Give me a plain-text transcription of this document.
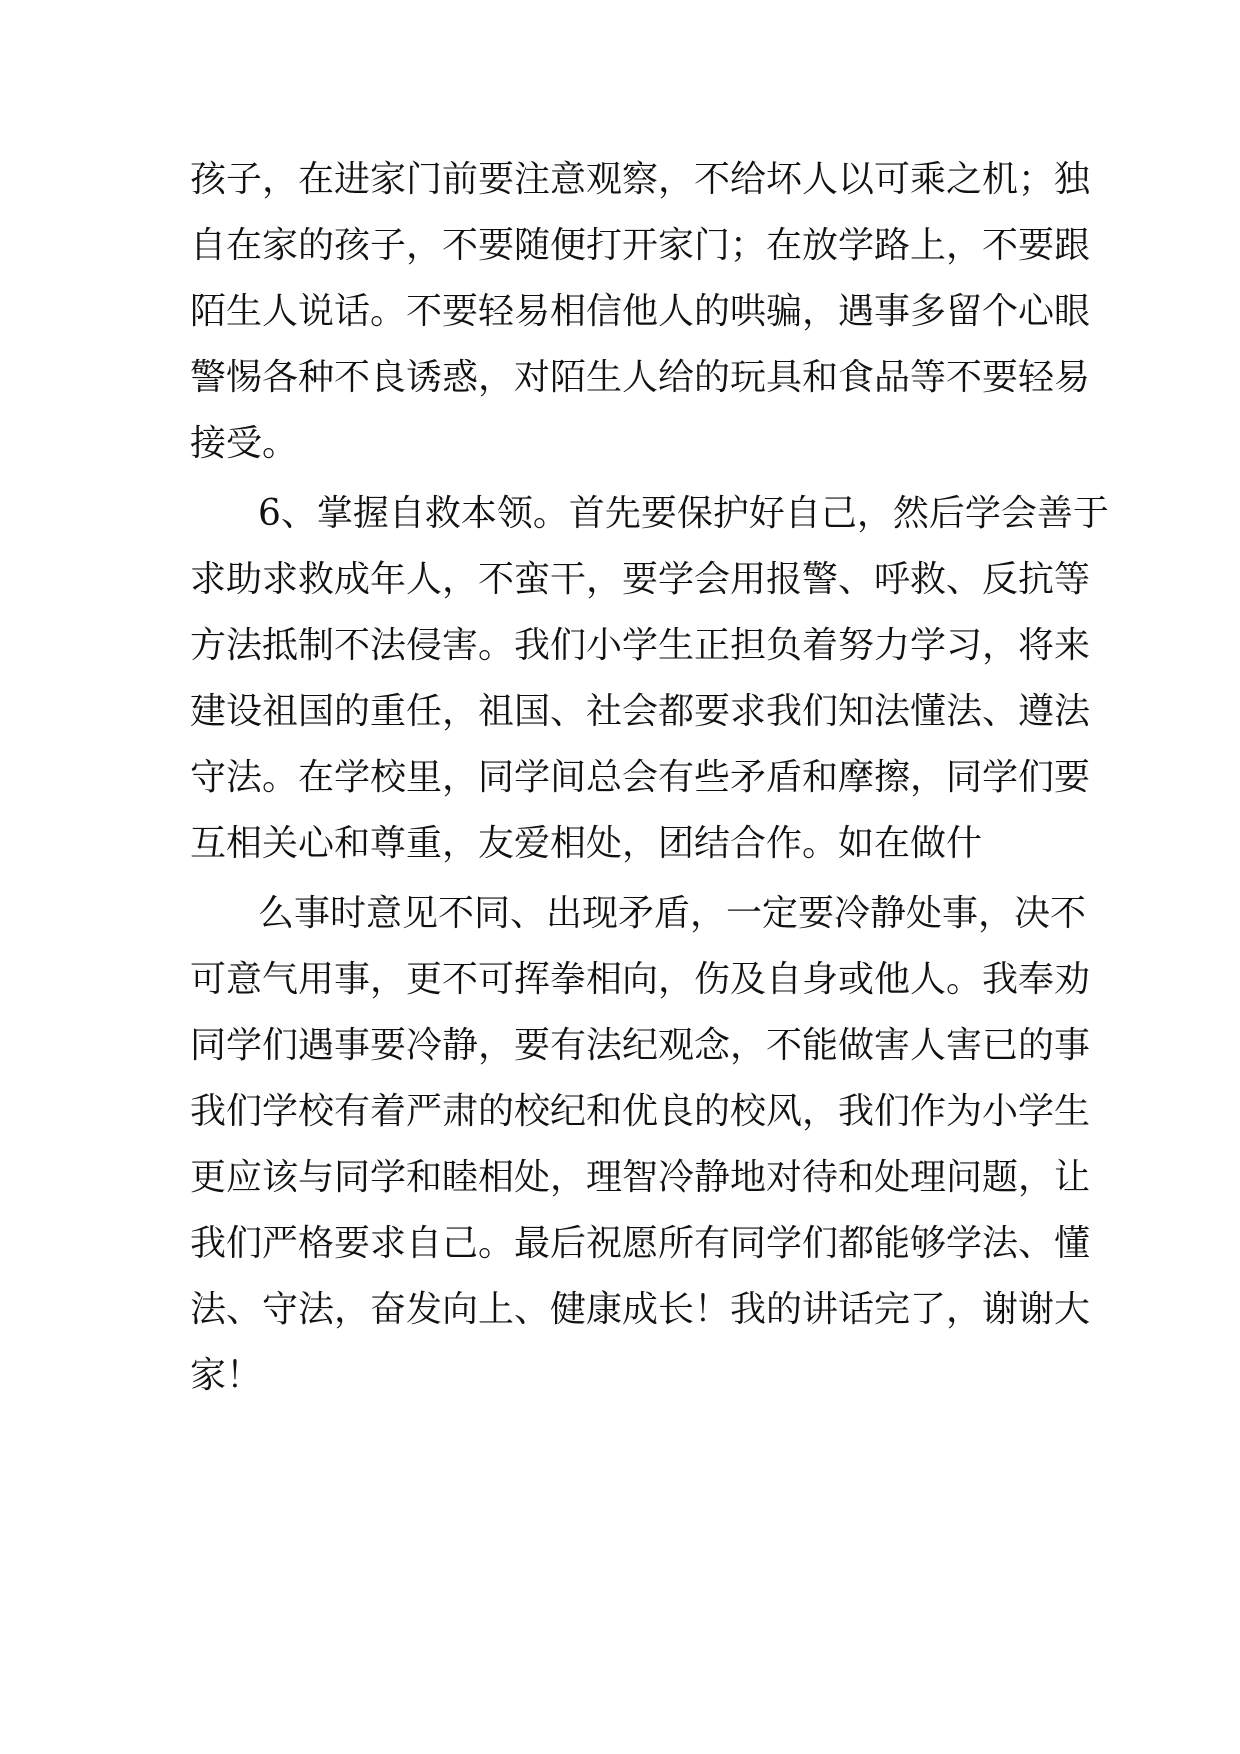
孩子，在进家门前要注意观察，不给坏人以可乘之机；独
自在家的孩子，不要随便打开家门；在放学路上，不要跟
陌生人说话。不要轻易相信他人的哄骗，遇事多留个心眼
警惕各种不良诱惑，对陌生人给的玩具和食品等不要轻易
接受。
6、掌握自救本领。首先要保护好自己，然后学会善于
求助求救成年人，不蛮干，要学会用报警、呼救、反抗等
方法抵制不法侵害。我们小学生正担负着努力学习，将来
建设祖国的重任，祖国、社会都要求我们知法懂法、遵法
守法。在学校里，同学间总会有些矛盾和摩擦，同学们要
互相关心和尊重，友爱相处，团结合作。如在做什
么事时意见不同、出现矛盾，一定要冷静处事，决不
可意气用事，更不可挥拳相向，伤及自身或他人。我奉劝
同学们遇事要冷静，要有法纪观念，不能做害人害已的事
我们学校有着严肃的校纪和优良的校风，我们作为小学生
更应该与同学和睦相处，理智冷静地对待和处理问题，让
我们严格要求自己。最后祝愿所有同学们都能够学法、懂
法、守法，奋发向上、健康成长！我的讲话完了，谢谢大
家！
